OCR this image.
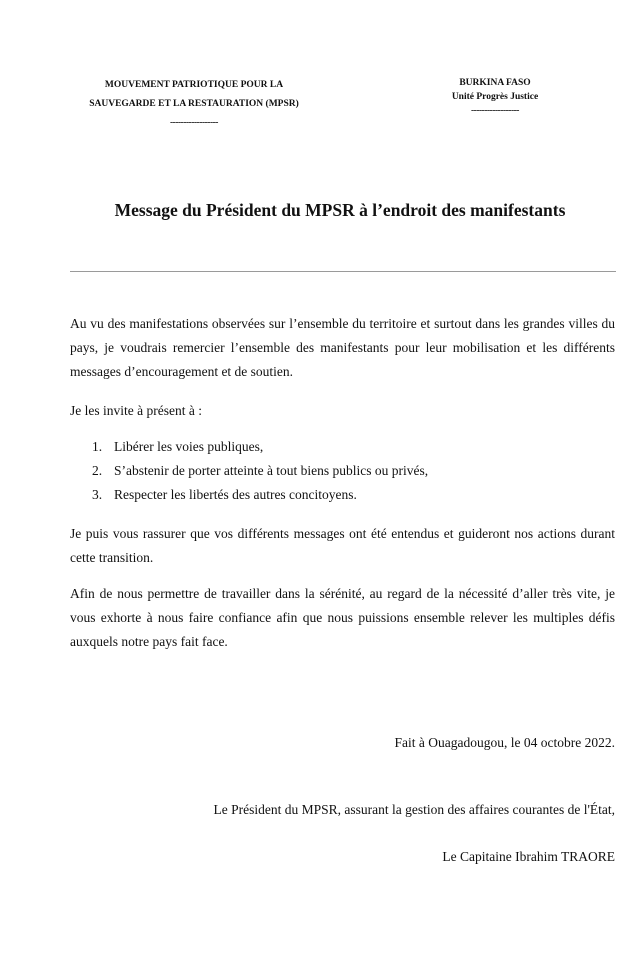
MOUVEMENT PATRIOTIQUE POUR LA
SAUVEGARDE ET LA RESTAURATION (MPSR)
------------------
BURKINA FASO
Unité Progrès Justice
------------------
Message du Président du MPSR à l’endroit des manifestants

Au vu des manifestations observées sur l’ensemble du territoire et surtout dans les grandes villes du pays, je voudrais remercier l’ensemble des manifestants pour leur mobilisation et les différents messages d’encouragement et de soutien.

Je les invite à présent à :

1. Libérer les voies publiques,
2. S’abstenir de porter atteinte à tout biens publics ou privés,
3. Respecter les libertés des autres concitoyens.

Je puis vous rassurer que vos différents messages ont été entendus et guideront nos actions durant cette transition.

Afin de nous permettre de travailler dans la sérénité, au regard de la nécessité d’aller très vite, je vous exhorte à nous faire confiance afin que nous puissions ensemble relever les multiples défis auxquels notre pays fait face.

Fait à Ouagadougou, le 04 octobre 2022.
Le Président du MPSR, assurant la gestion des affaires courantes de l'État,
Le Capitaine Ibrahim TRAORE
